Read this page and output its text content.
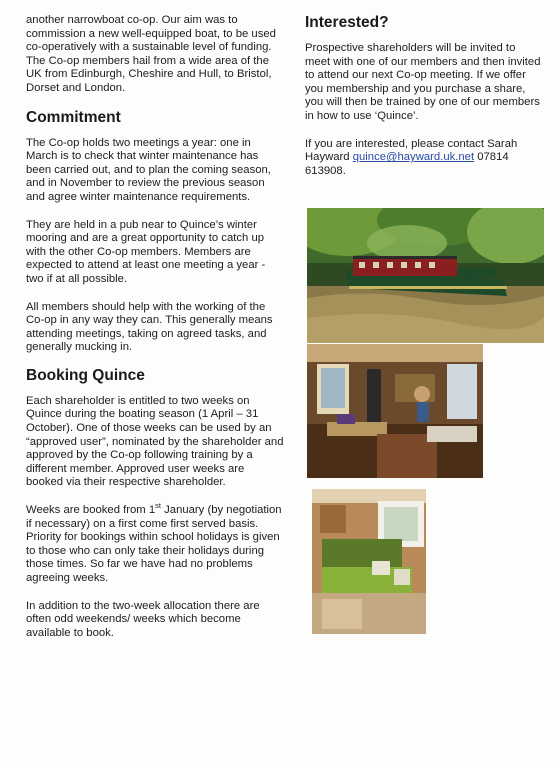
another narrowboat co-op. Our aim was to commission a new well-equipped boat, to be used co-operatively with a sustainable level of funding. The Co-op members hail from a wide area of the UK from Edinburgh, Cheshire and Hull, to Bristol, Dorset and London.

Commitment

The Co-op holds two meetings a year: one in March is to check that winter maintenance has been carried out, and to plan the coming season, and in November to review the previous season and agree winter maintenance requirements.

They are held in a pub near to Quince’s winter mooring and are a great opportunity to catch up with the other Co-op members. Members are expected to attend at least one meeting a year - two if at all possible.

All members should help with the working of the Co-op in any way they can. This generally means attending meetings, taking on agreed tasks, and generally mucking in.

Booking Quince

Each shareholder is entitled to two weeks on Quince during the boating season (1 April – 31 October). One of those weeks can be used by an “approved user”, nominated by the shareholder and approved by the Co-op following training by a different member. Approved user weeks are booked via their respective shareholder.

Weeks are booked from 1st January (by negotiation if necessary) on a first come first served basis. Priority for bookings within school holidays is given to those who can only take their holidays during those times. So far we have had no problems agreeing weeks.

In addition to the two-week allocation there are often odd weekends/ weeks which become available to book.

Interested?

Prospective shareholders will be invited to meet with one of our members and then invited to attend our next Co-op meeting. If we offer you membership and you purchase a share, you will then be trained by one of our members in how to use ‘Quince’.

If you are interested, please contact Sarah Hayward quince@hayward.uk.net 07814 613908.
